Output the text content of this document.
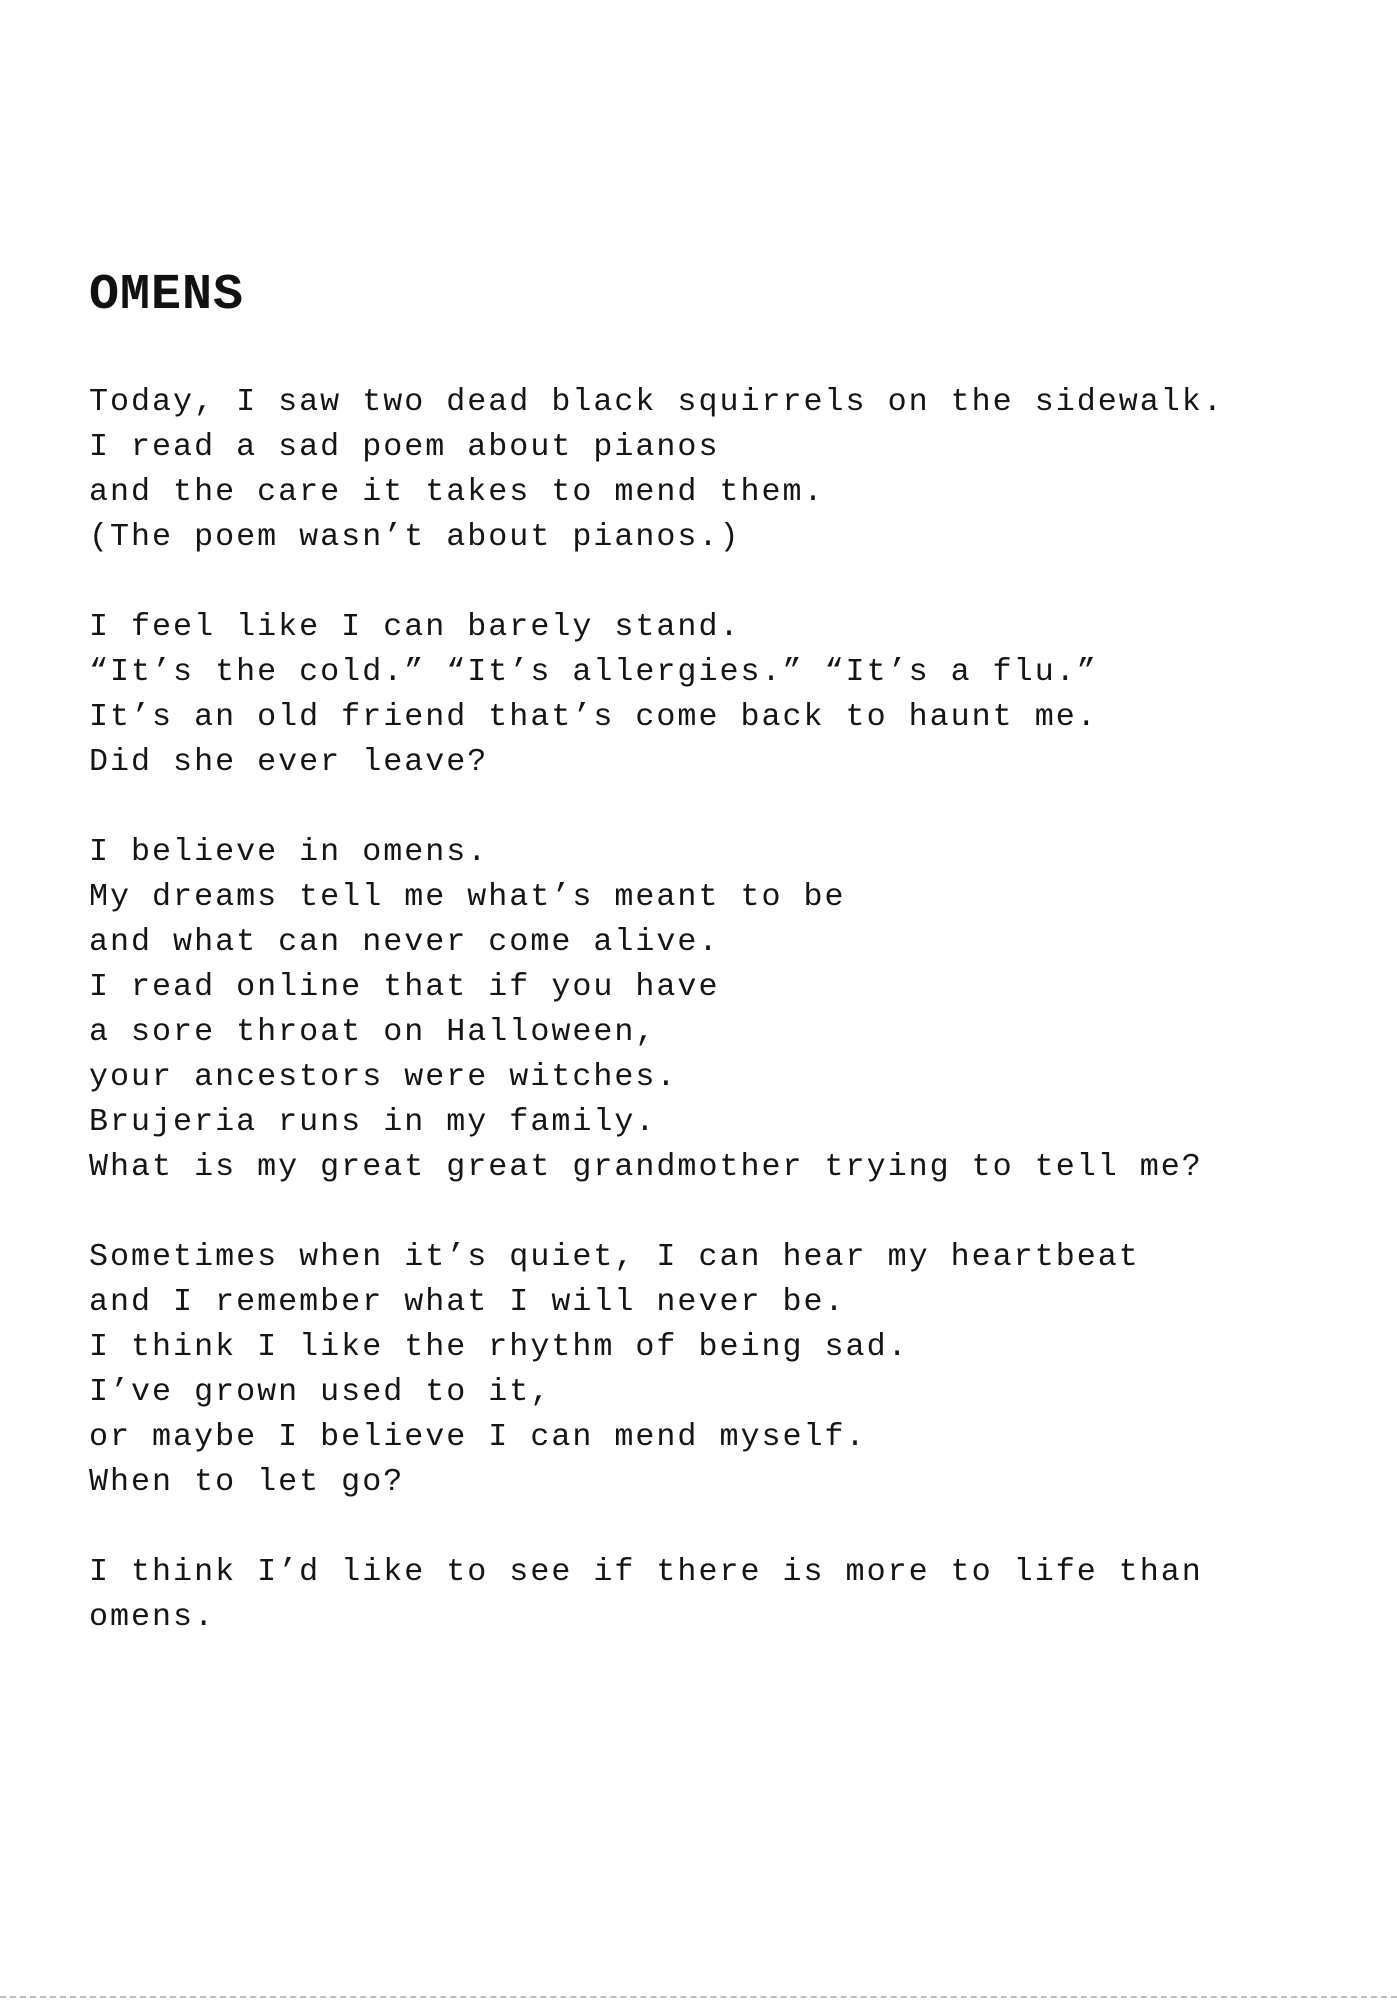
OMENS
Today, I saw two dead black squirrels on the sidewalk.
I read a sad poem about pianos
and the care it takes to mend them.
(The poem wasn’t about pianos.)
I feel like I can barely stand.
“It’s the cold.” “It’s allergies.” “It’s a flu.”
It’s an old friend that’s come back to haunt me.
Did she ever leave?
I believe in omens.
My dreams tell me what’s meant to be
and what can never come alive.
I read online that if you have
a sore throat on Halloween,
your ancestors were witches.
Brujeria runs in my family.
What is my great great grandmother trying to tell me?
Sometimes when it’s quiet, I can hear my heartbeat
and I remember what I will never be.
I think I like the rhythm of being sad.
I’ve grown used to it,
or maybe I believe I can mend myself.
When to let go?
I think I’d like to see if there is more to life than
omens.
